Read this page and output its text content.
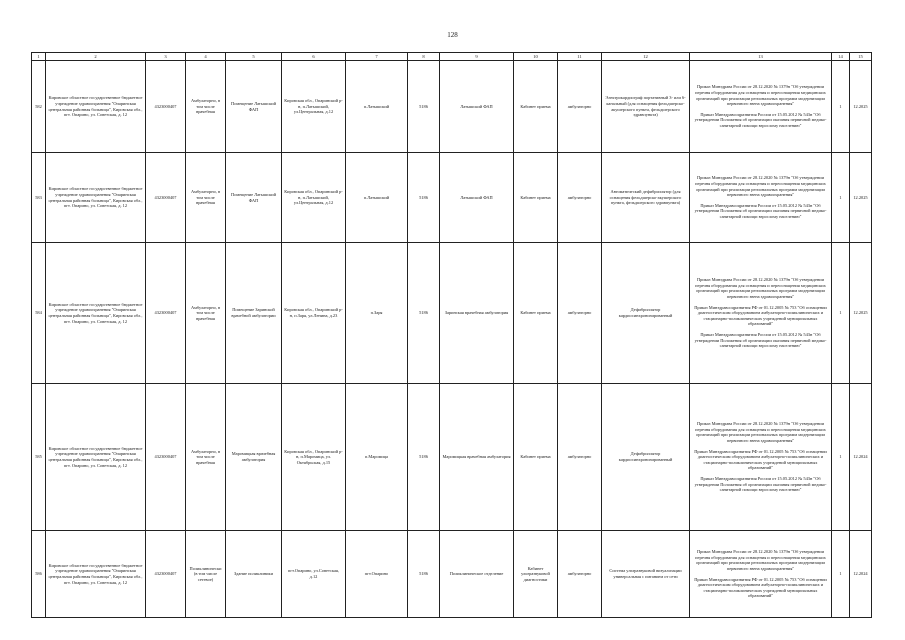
128
1	2	3	4	5	6	7	8	9	10	11	12	13	14	15
582	Кировское областное государственное бюджетное учреждение здравоохранения "Опаринская центральная районная больница", Кировская обл., пгт. Опарино, ул. Советская, д. 12	4323000407	Амбулаторно, в том числе врачебная	Помещение Латышский ФАП	Кировская обл., Опаринский р-н, п.Латышский, ул.Центральная, д.12	п.Латышский	5186	Латышский ФАП	Кабинет приема	амбулаторно	Электрокардиограф портативный 3- или 6-канальный (для оснащения фельдшерско-акушерского пункта, фельдшерского здравпункта)	Приказ Минздрава России от 28.12.2020 № 1379н "Об утверждении перечня оборудования для оснащения и переоснащения медицинских организаций при реализации региональных программ модернизации первичного звена здравоохранения"

Приказ Минздравсоцразвития России от 15.05.2012 № 543н "Об утверждении Положения об организации оказания первичной медико-санитарной помощи взрослому населению"	1	12.2025
583	Кировское областное государственное бюджетное учреждение здравоохранения "Опаринская центральная районная больница", Кировская обл., пгт. Опарино, ул. Советская, д. 12	4323000407	Амбулаторно, в том числе врачебная	Помещение Латышский ФАП	Кировская обл., Опаринский р-н, п.Латышский, ул.Центральная, д.12	п.Латышский	5186	Латышский ФАП	Кабинет приема	амбулаторно	Автоматический дефибриллятор (для оснащения фельдшерско-акушерского пункта, фельдшерского здравпункта)	Приказ Минздрава России от 28.12.2020 № 1379н "Об утверждении перечня оборудования для оснащения и переоснащения медицинских организаций при реализации региональных программ модернизации первичного звена здравоохранения"

Приказ Минздравсоцразвития России от 15.05.2012 № 543н "Об утверждении Положения об организации оказания первичной медико-санитарной помощи взрослому населению"	1	12.2025
584	Кировское областное государственное бюджетное учреждение здравоохранения "Опаринская центральная районная больница", Кировская обл., пгт. Опарино, ул. Советская, д. 12	4323000407	Амбулаторно, в том числе врачебная	Помещение Заринской врачебной амбулатории	Кировская обл., Опаринский р-н, п.Заря, ул.Ленина, д.23	п.Заря	5186	Заринская врачебная амбулатория	Кабинет приема	амбулаторно	Дефибриллятор кардиосинхронизированный	Приказ Минздрава России от 28.12.2020 № 1379н "Об утверждении перечня оборудования для оснащения и переоснащения медицинских организаций при реализации региональных программ модернизации первичного звена здравоохранения"

Приказ Минздравсоцразвития РФ от 01.12.2005 № 753 "Об оснащении диагностическим оборудованием амбулаторно-поликлинических и стационарно-поликлинических учреждений муниципальных образований"

Приказ Минздравсоцразвития России от 15.05.2012 № 543н "Об утверждении Положения об организации оказания первичной медико-санитарной помощи взрослому населению"	1	12.2025
585	Кировское областное государственное бюджетное учреждение здравоохранения "Опаринская центральная районная больница", Кировская обл., пгт. Опарино, ул. Советская, д. 12	4323000407	Амбулаторно, в том числе врачебная	Маромицкая врачебная амбулатория	Кировская обл., Опаринский р-н, п.Маромица, ул. Октябрьская, д.15	п.Маромица	5186	Маромицкая врачебная амбулатория	Кабинет приема	амбулаторно	Дефибриллятор кардиосинхронизированный	Приказ Минздрава России от 28.12.2020 № 1379н "Об утверждении перечня оборудования для оснащения и переоснащения медицинских организаций при реализации региональных программ модернизации первичного звена здравоохранения"

Приказ Минздравсоцразвития РФ от 01.12.2005 № 753 "Об оснащении диагностическим оборудованием амбулаторно-поликлинических и стационарно-поликлинических учреждений муниципальных образований"

Приказ Минздравсоцразвития России от 15.05.2012 № 543н "Об утверждении Положения об организации оказания первичной медико-санитарной помощи взрослому населению"	1	12.2024
586	Кировское областное государственное бюджетное учреждение здравоохранения "Опаринская центральная районная больница", Кировская обл., пгт. Опарино, ул. Советская, д. 12	4323000407	Поликлинически (в том числе сетевое)	Здание поликлиники	пгт.Опарино, ул.Советская, д.12	пгт.Опарино	5186	Поликлиническое отделение	Кабинет ультразвуковой диагностики	амбулаторно	Система ультразвуковой визуализации универсальная с питанием от сети	Приказ Минздрава России от 28.12.2020 № 1379н "Об утверждении перечня оборудования для оснащения и переоснащения медицинских организаций при реализации региональных программ модернизации первичного звена здравоохранения"

Приказ Минздравсоцразвития РФ от 01.12.2005 № 753 "Об оснащении диагностическим оборудованием амбулаторно-поликлинических и стационарно-поликлинических учреждений муниципальных образований"	1	12.2024
